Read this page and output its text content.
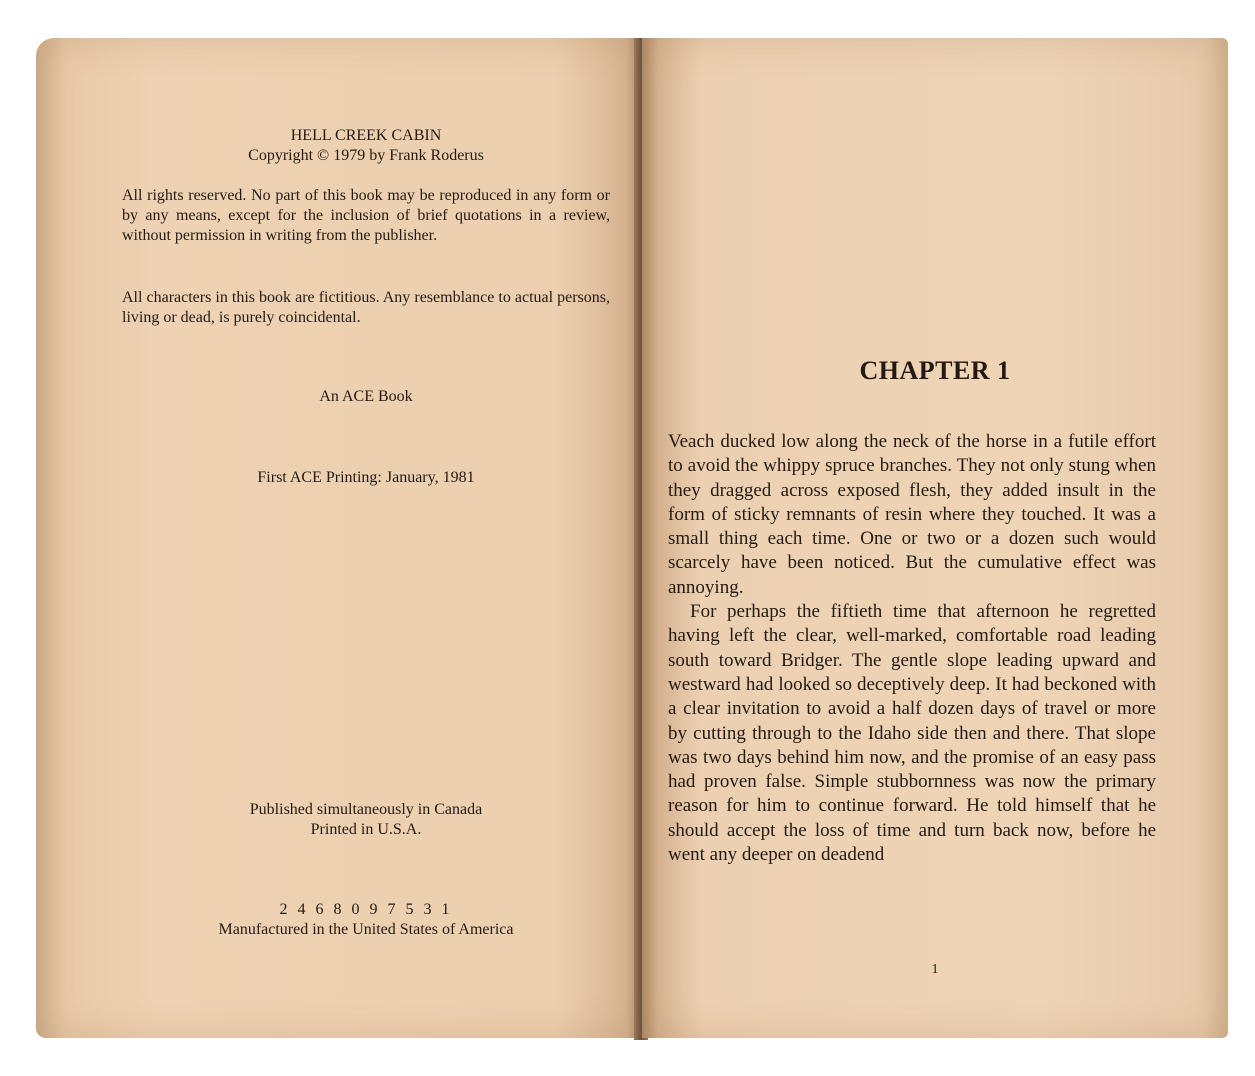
HELL CREEK CABIN
Copyright © 1979 by Frank Roderus
All rights reserved. No part of this book may be reproduced in any form or by any means, except for the inclusion of brief quotations in a review, without permission in writing from the publisher.
All characters in this book are fictitious. Any resemblance to actual persons, living or dead, is purely coincidental.
An ACE Book
First ACE Printing: January, 1981
Published simultaneously in Canada
Printed in U.S.A.
2 4 6 8 0 9 7 5 3 1
Manufactured in the United States of America
CHAPTER 1

Veach ducked low along the neck of the horse in a futile effort to avoid the whippy spruce branches. They not only stung when they dragged across exposed flesh, they added insult in the form of sticky remnants of resin where they touched. It was a small thing each time. One or two or a dozen such would scarcely have been noticed. But the cumulative effect was annoying.

For perhaps the fiftieth time that afternoon he regretted having left the clear, well-marked, comfortable road leading south toward Bridger. The gentle slope leading upward and westward had looked so deceptively deep. It had beckoned with a clear invitation to avoid a half dozen days of travel or more by cutting through to the Idaho side then and there. That slope was two days behind him now, and the promise of an easy pass had proven false. Simple stubbornness was now the primary reason for him to continue forward. He told himself that he should accept the loss of time and turn back now, before he went any deeper on deadend

1
